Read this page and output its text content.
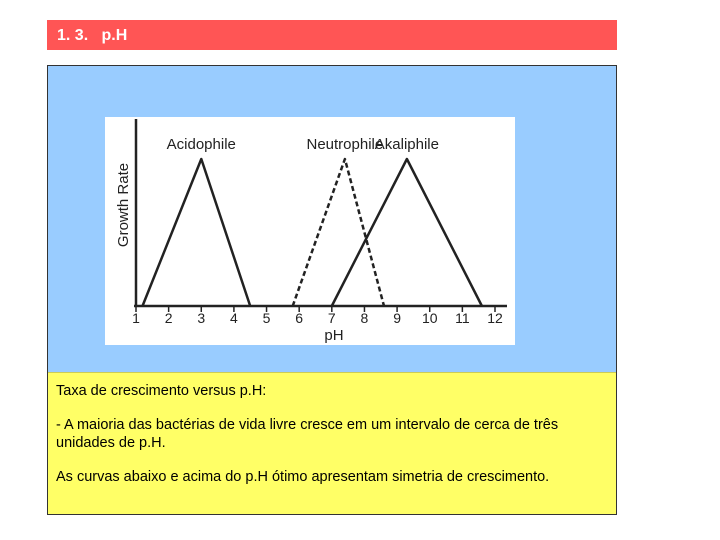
1. 3.   p.H
1 2 3 4 5 6 7 8 9 10 11 12
Acidophile	Neutrophile
Akaliphile
pH
Growth Rate

Taxa de crescimento versus p.H:

- A maioria das bactérias de vida livre cresce em um intervalo de cerca de três unidades de p.H.

As curvas abaixo e acima do p.H ótimo apresentam simetria de crescimento.
